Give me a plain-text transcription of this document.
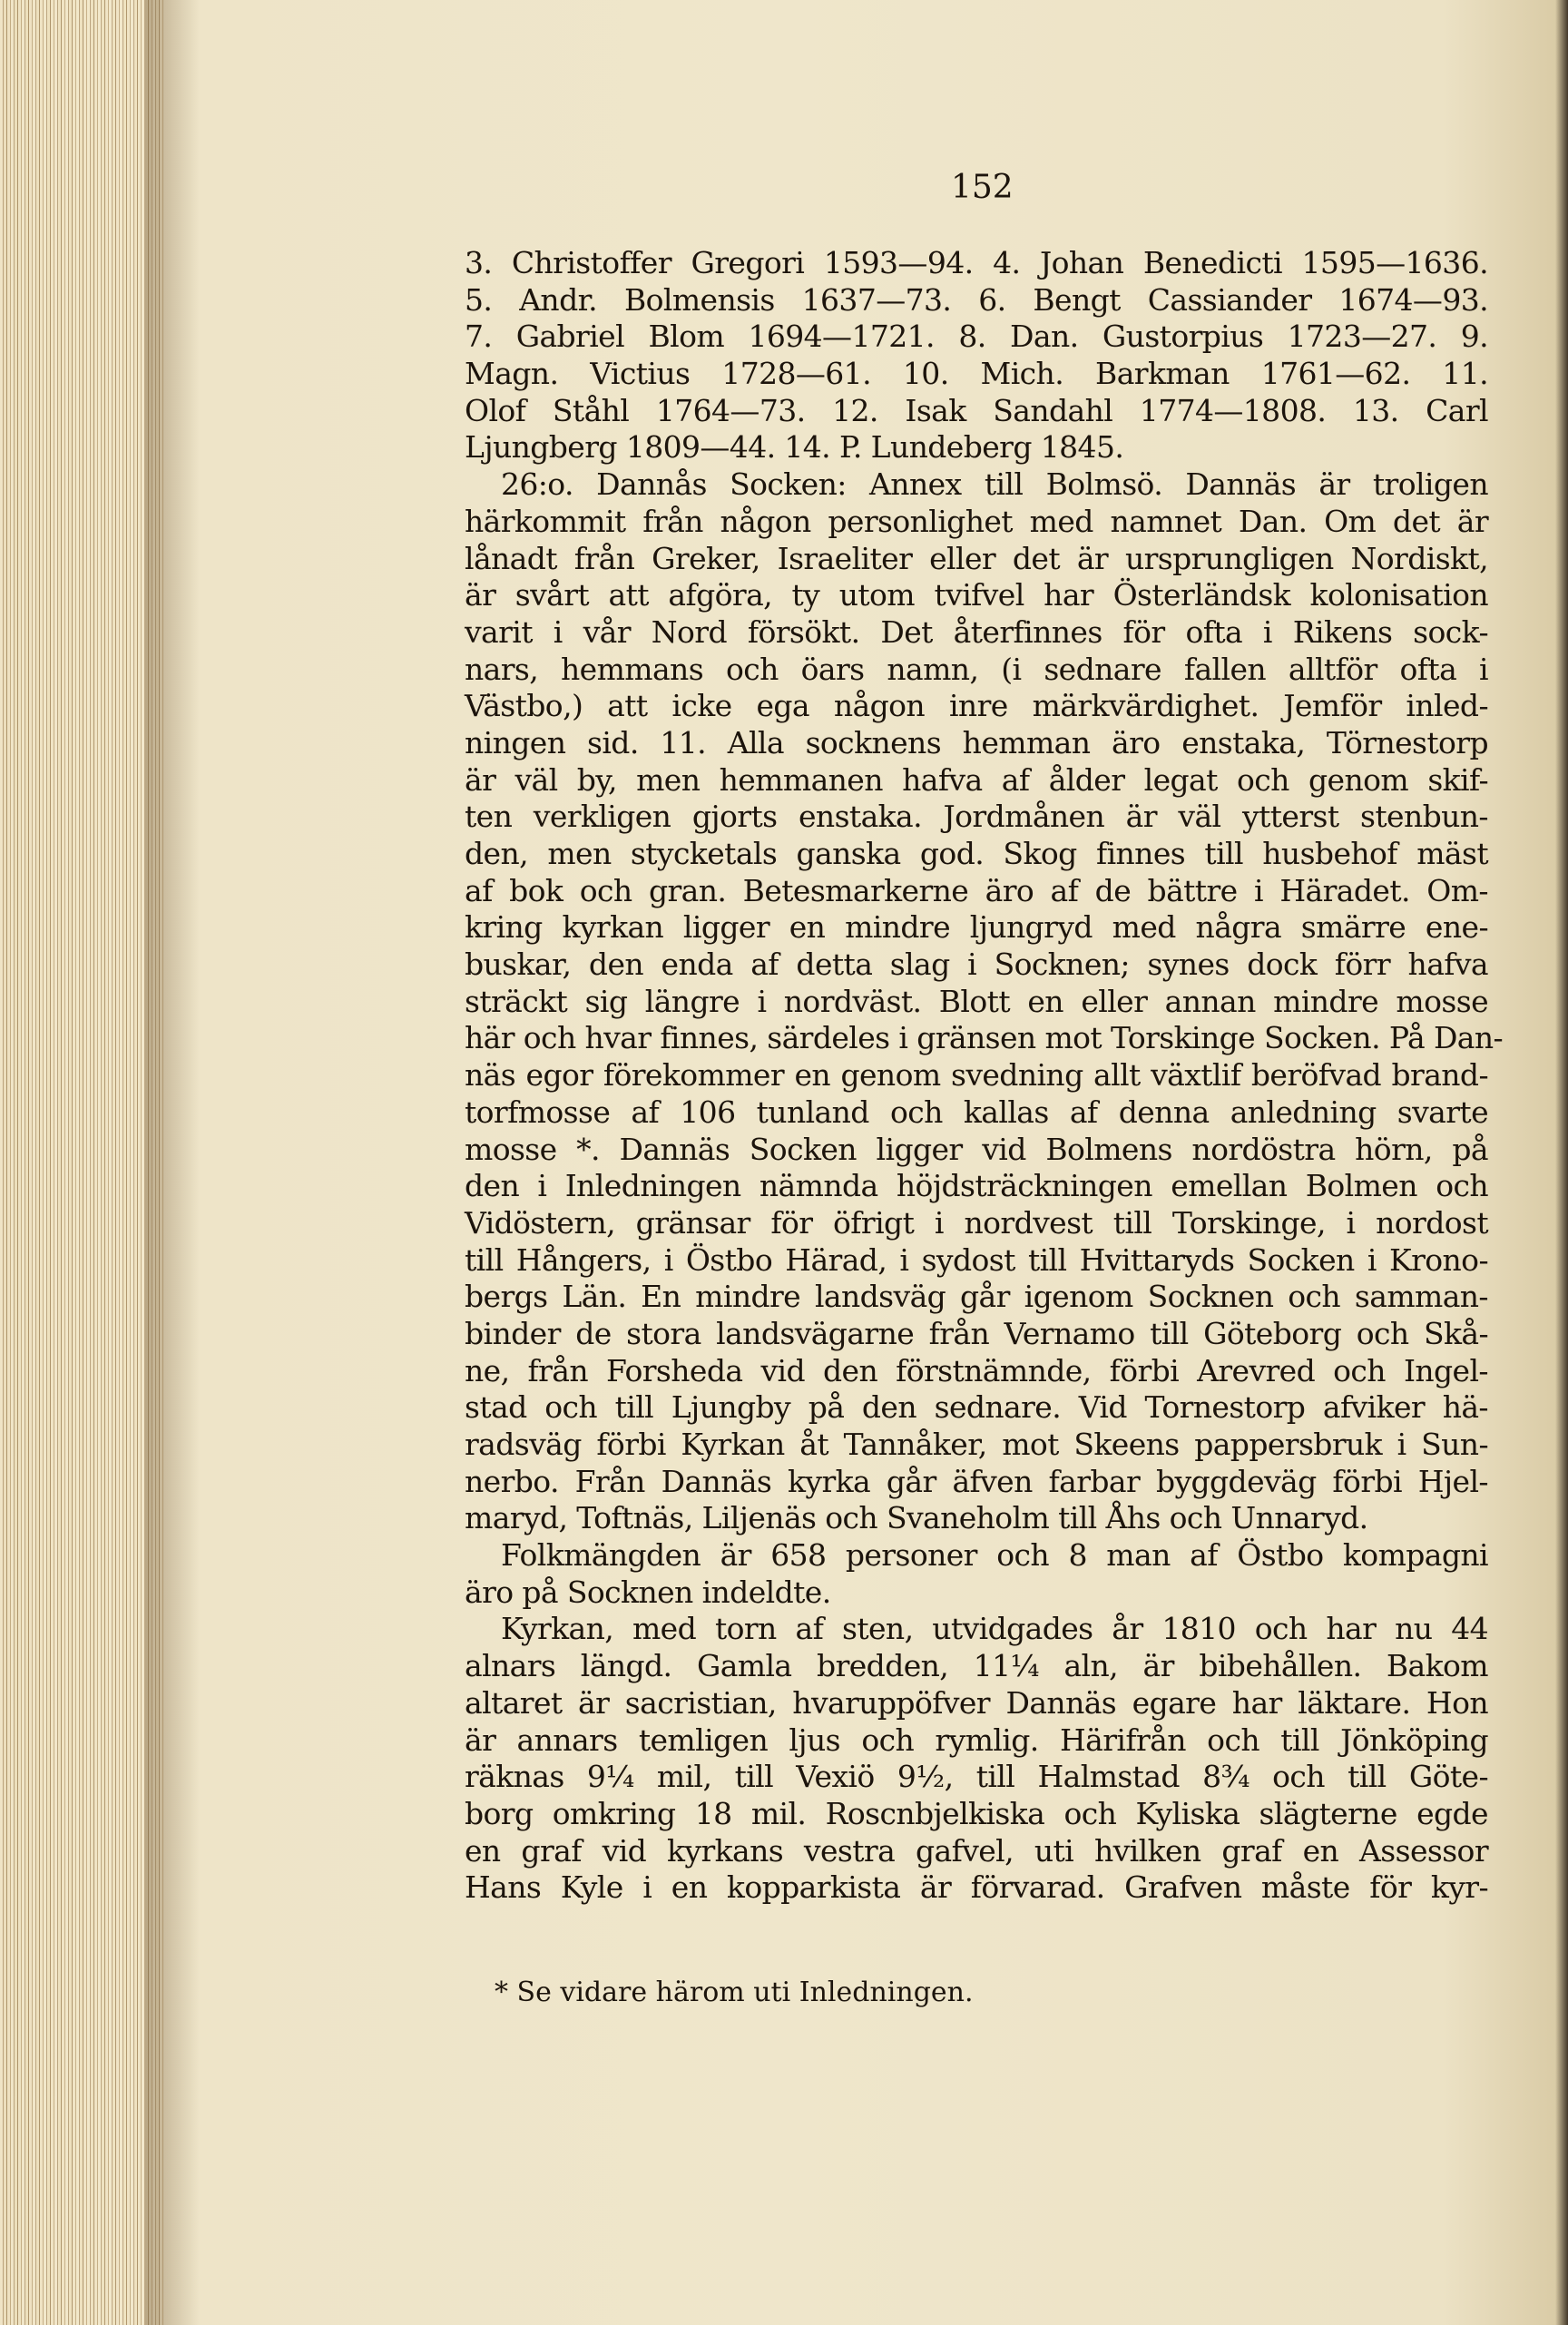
152
3. Christoffer Gregori 1593—94. 4. Johan Benedicti 1595—1636.
5. Andr. Bolmensis 1637—73. 6. Bengt Cassiander 1674—93.
7. Gabriel Blom 1694—1721. 8. Dan. Gustorpius 1723—27. 9.
Magn. Victius 1728—61. 10. Mich. Barkman 1761—62. 11.
Olof Ståhl 1764—73. 12. Isak Sandahl 1774—1808. 13. Carl
Ljungberg 1809—44. 14. P. Lundeberg 1845.
26:o. Dannås Socken: Annex till Bolmsö. Dannäs är troligen
härkommit från någon personlighet med namnet Dan. Om det är
lånadt från Greker, Israeliter eller det är ursprungligen Nordiskt,
är svårt att afgöra, ty utom tvifvel har Österländsk kolonisation
varit i vår Nord försökt. Det återfinnes för ofta i Rikens sock-
nars, hemmans och öars namn, (i sednare fallen alltför ofta i
Västbo,) att icke ega någon inre märkvärdighet. Jemför inled-
ningen sid. 11. Alla socknens hemman äro enstaka, Törnestorp
är väl by, men hemmanen hafva af ålder legat och genom skif-
ten verkligen gjorts enstaka. Jordmånen är väl ytterst stenbun-
den, men stycketals ganska god. Skog finnes till husbehof mäst
af bok och gran. Betesmarkerne äro af de bättre i Häradet. Om-
kring kyrkan ligger en mindre ljungryd med några smärre ene-
buskar, den enda af detta slag i Socknen; synes dock förr hafva
sträckt sig längre i nordväst. Blott en eller annan mindre mosse
här och hvar finnes, särdeles i gränsen mot Torskinge Socken. På Dan-
näs egor förekommer en genom svedning allt växtlif beröfvad brand-
torfmosse af 106 tunland och kallas af denna anledning svarte
mosse *. Dannäs Socken ligger vid Bolmens nordöstra hörn, på
den i Inledningen nämnda höjdsträckningen emellan Bolmen och
Vidöstern, gränsar för öfrigt i nordvest till Torskinge, i nordost
till Hångers, i Östbo Härad, i sydost till Hvittaryds Socken i Krono-
bergs Län. En mindre landsväg går igenom Socknen och samman-
binder de stora landsvägarne från Vernamo till Göteborg och Skå-
ne, från Forsheda vid den förstnämnde, förbi Arevred och Ingel-
stad och till Ljungby på den sednare. Vid Tornestorp afviker hä-
radsväg förbi Kyrkan åt Tannåker, mot Skeens pappersbruk i Sun-
nerbo. Från Dannäs kyrka går äfven farbar byggdeväg förbi Hjel-
maryd, Toftnäs, Liljenäs och Svaneholm till Åhs och Unnaryd.
Folkmängden är 658 personer och 8 man af Östbo kompagni
äro på Socknen indeldte.
Kyrkan, med torn af sten, utvidgades år 1810 och har nu 44
alnars längd. Gamla bredden, 11¼ aln, är bibehållen. Bakom
altaret är sacristian, hvaruppöfver Dannäs egare har läktare. Hon
är annars temligen ljus och rymlig. Härifrån och till Jönköping
räknas 9¼ mil, till Vexiö 9½, till Halmstad 8¾ och till Göte-
borg omkring 18 mil. Roscnbjelkiska och Kyliska slägterne egde
en graf vid kyrkans vestra gafvel, uti hvilken graf en Assessor
Hans Kyle i en kopparkista är förvarad. Grafven måste för kyr-
* Se vidare härom uti Inledningen.
